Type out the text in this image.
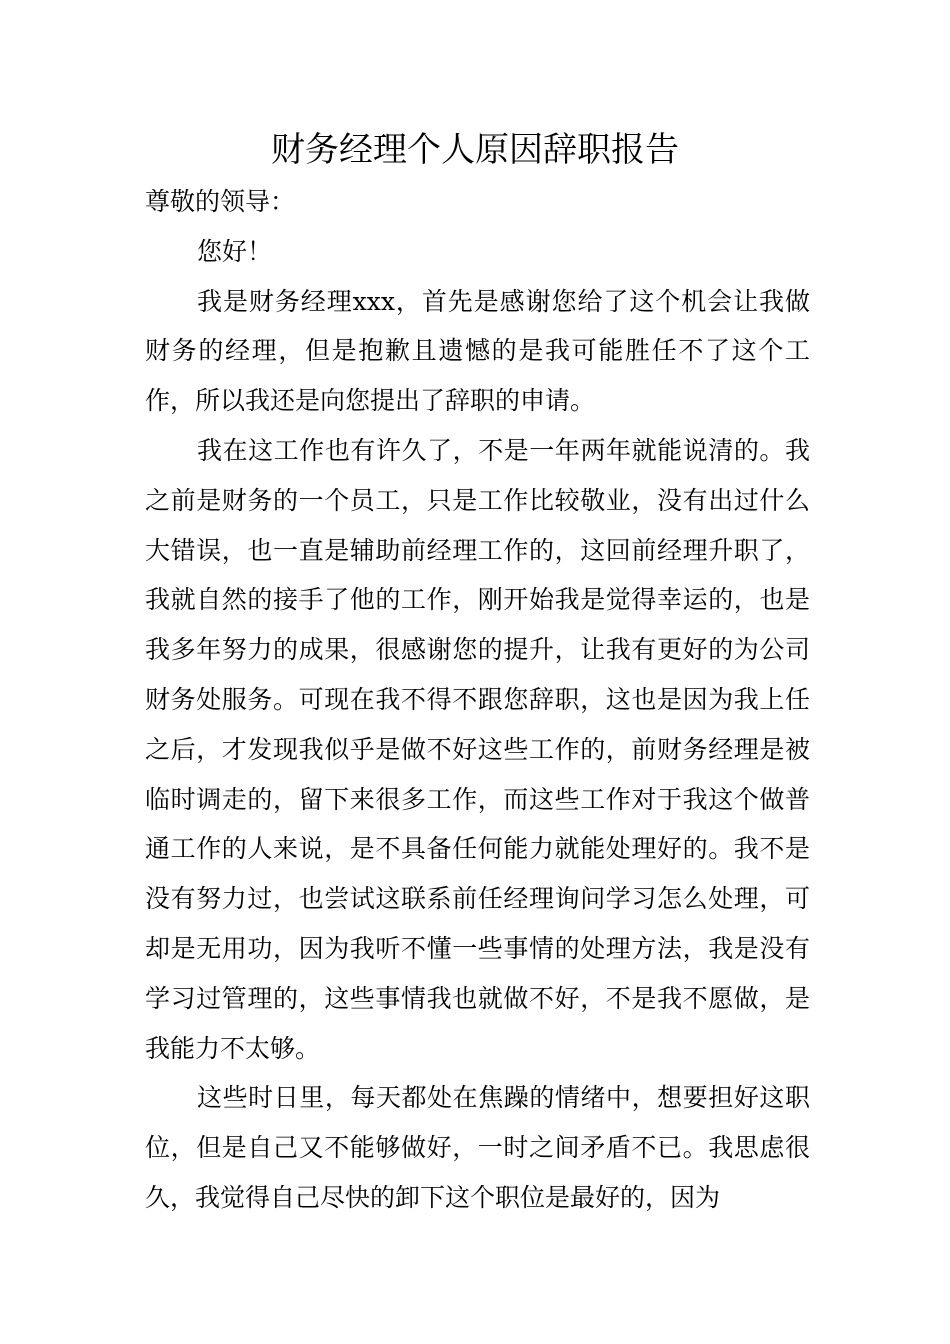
财务经理个人原因辞职报告

尊敬的领导：

您好！

我是财务经理xxx，首先是感谢您给了这个机会让我做财务的经理，但是抱歉且遗憾的是我可能胜任不了这个工作，所以我还是向您提出了辞职的申请。

我在这工作也有许久了，不是一年两年就能说清的。我之前是财务的一个员工，只是工作比较敬业，没有出过什么大错误，也一直是辅助前经理工作的，这回前经理升职了，我就自然的接手了他的工作，刚开始我是觉得幸运的，也是我多年努力的成果，很感谢您的提升，让我有更好的为公司财务处服务。可现在我不得不跟您辞职，这也是因为我上任之后，才发现我似乎是做不好这些工作的，前财务经理是被临时调走的，留下来很多工作，而这些工作对于我这个做普通工作的人来说，是不具备任何能力就能处理好的。我不是没有努力过，也尝试这联系前任经理询问学习怎么处理，可却是无用功，因为我听不懂一些事情的处理方法，我是没有学习过管理的，这些事情我也就做不好，不是我不愿做，是我能力不太够。

这些时日里，每天都处在焦躁的情绪中，想要担好这职位，但是自己又不能够做好，一时之间矛盾不已。我思虑很久，我觉得自己尽快的卸下这个职位是最好的，因为
